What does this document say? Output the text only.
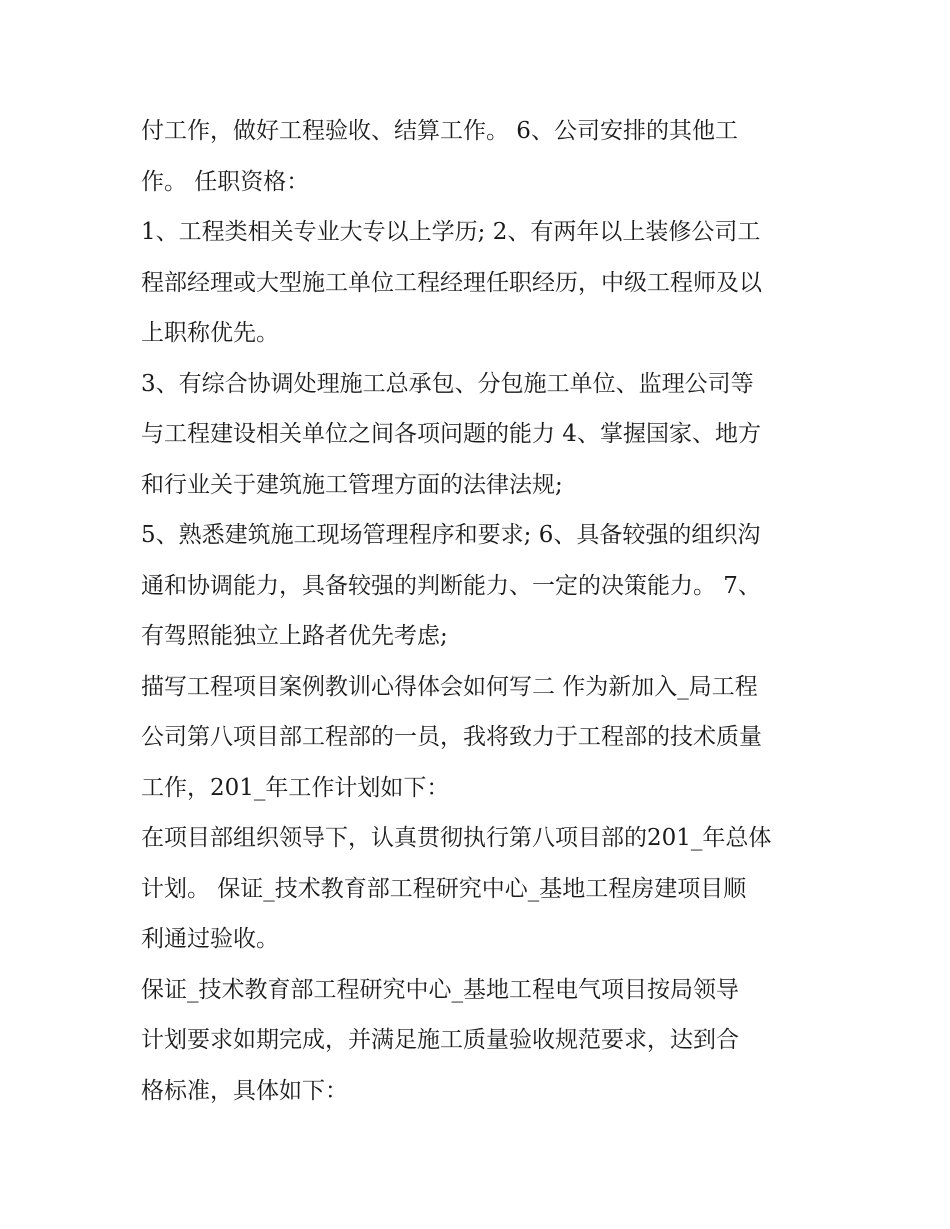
付工作，做好工程验收、结算工作。 6、公司安排的其他工
作。 任职资格：

1、工程类相关专业大专以上学历; 2、有两年以上装修公司工
程部经理或大型施工单位工程经理任职经历，中级工程师及以
上职称优先。

3、有综合协调处理施工总承包、分包施工单位、监理公司等
与工程建设相关单位之间各项问题的能力 4、掌握国家、地方
和行业关于建筑施工管理方面的法律法规;

5、熟悉建筑施工现场管理程序和要求; 6、具备较强的组织沟
通和协调能力，具备较强的判断能力、一定的决策能力。 7、
有驾照能独立上路者优先考虑;

描写工程项目案例教训心得体会如何写二 作为新加入_局工程
公司第八项目部工程部的一员，我将致力于工程部的技术质量
工作，201_年工作计划如下：

在项目部组织领导下，认真贯彻执行第八项目部的201_年总体
计划。 保证_技术教育部工程研究中心_基地工程房建项目顺
利通过验收。

保证_技术教育部工程研究中心_基地工程电气项目按局领导
计划要求如期完成，并满足施工质量验收规范要求，达到合
格标准，具体如下：
